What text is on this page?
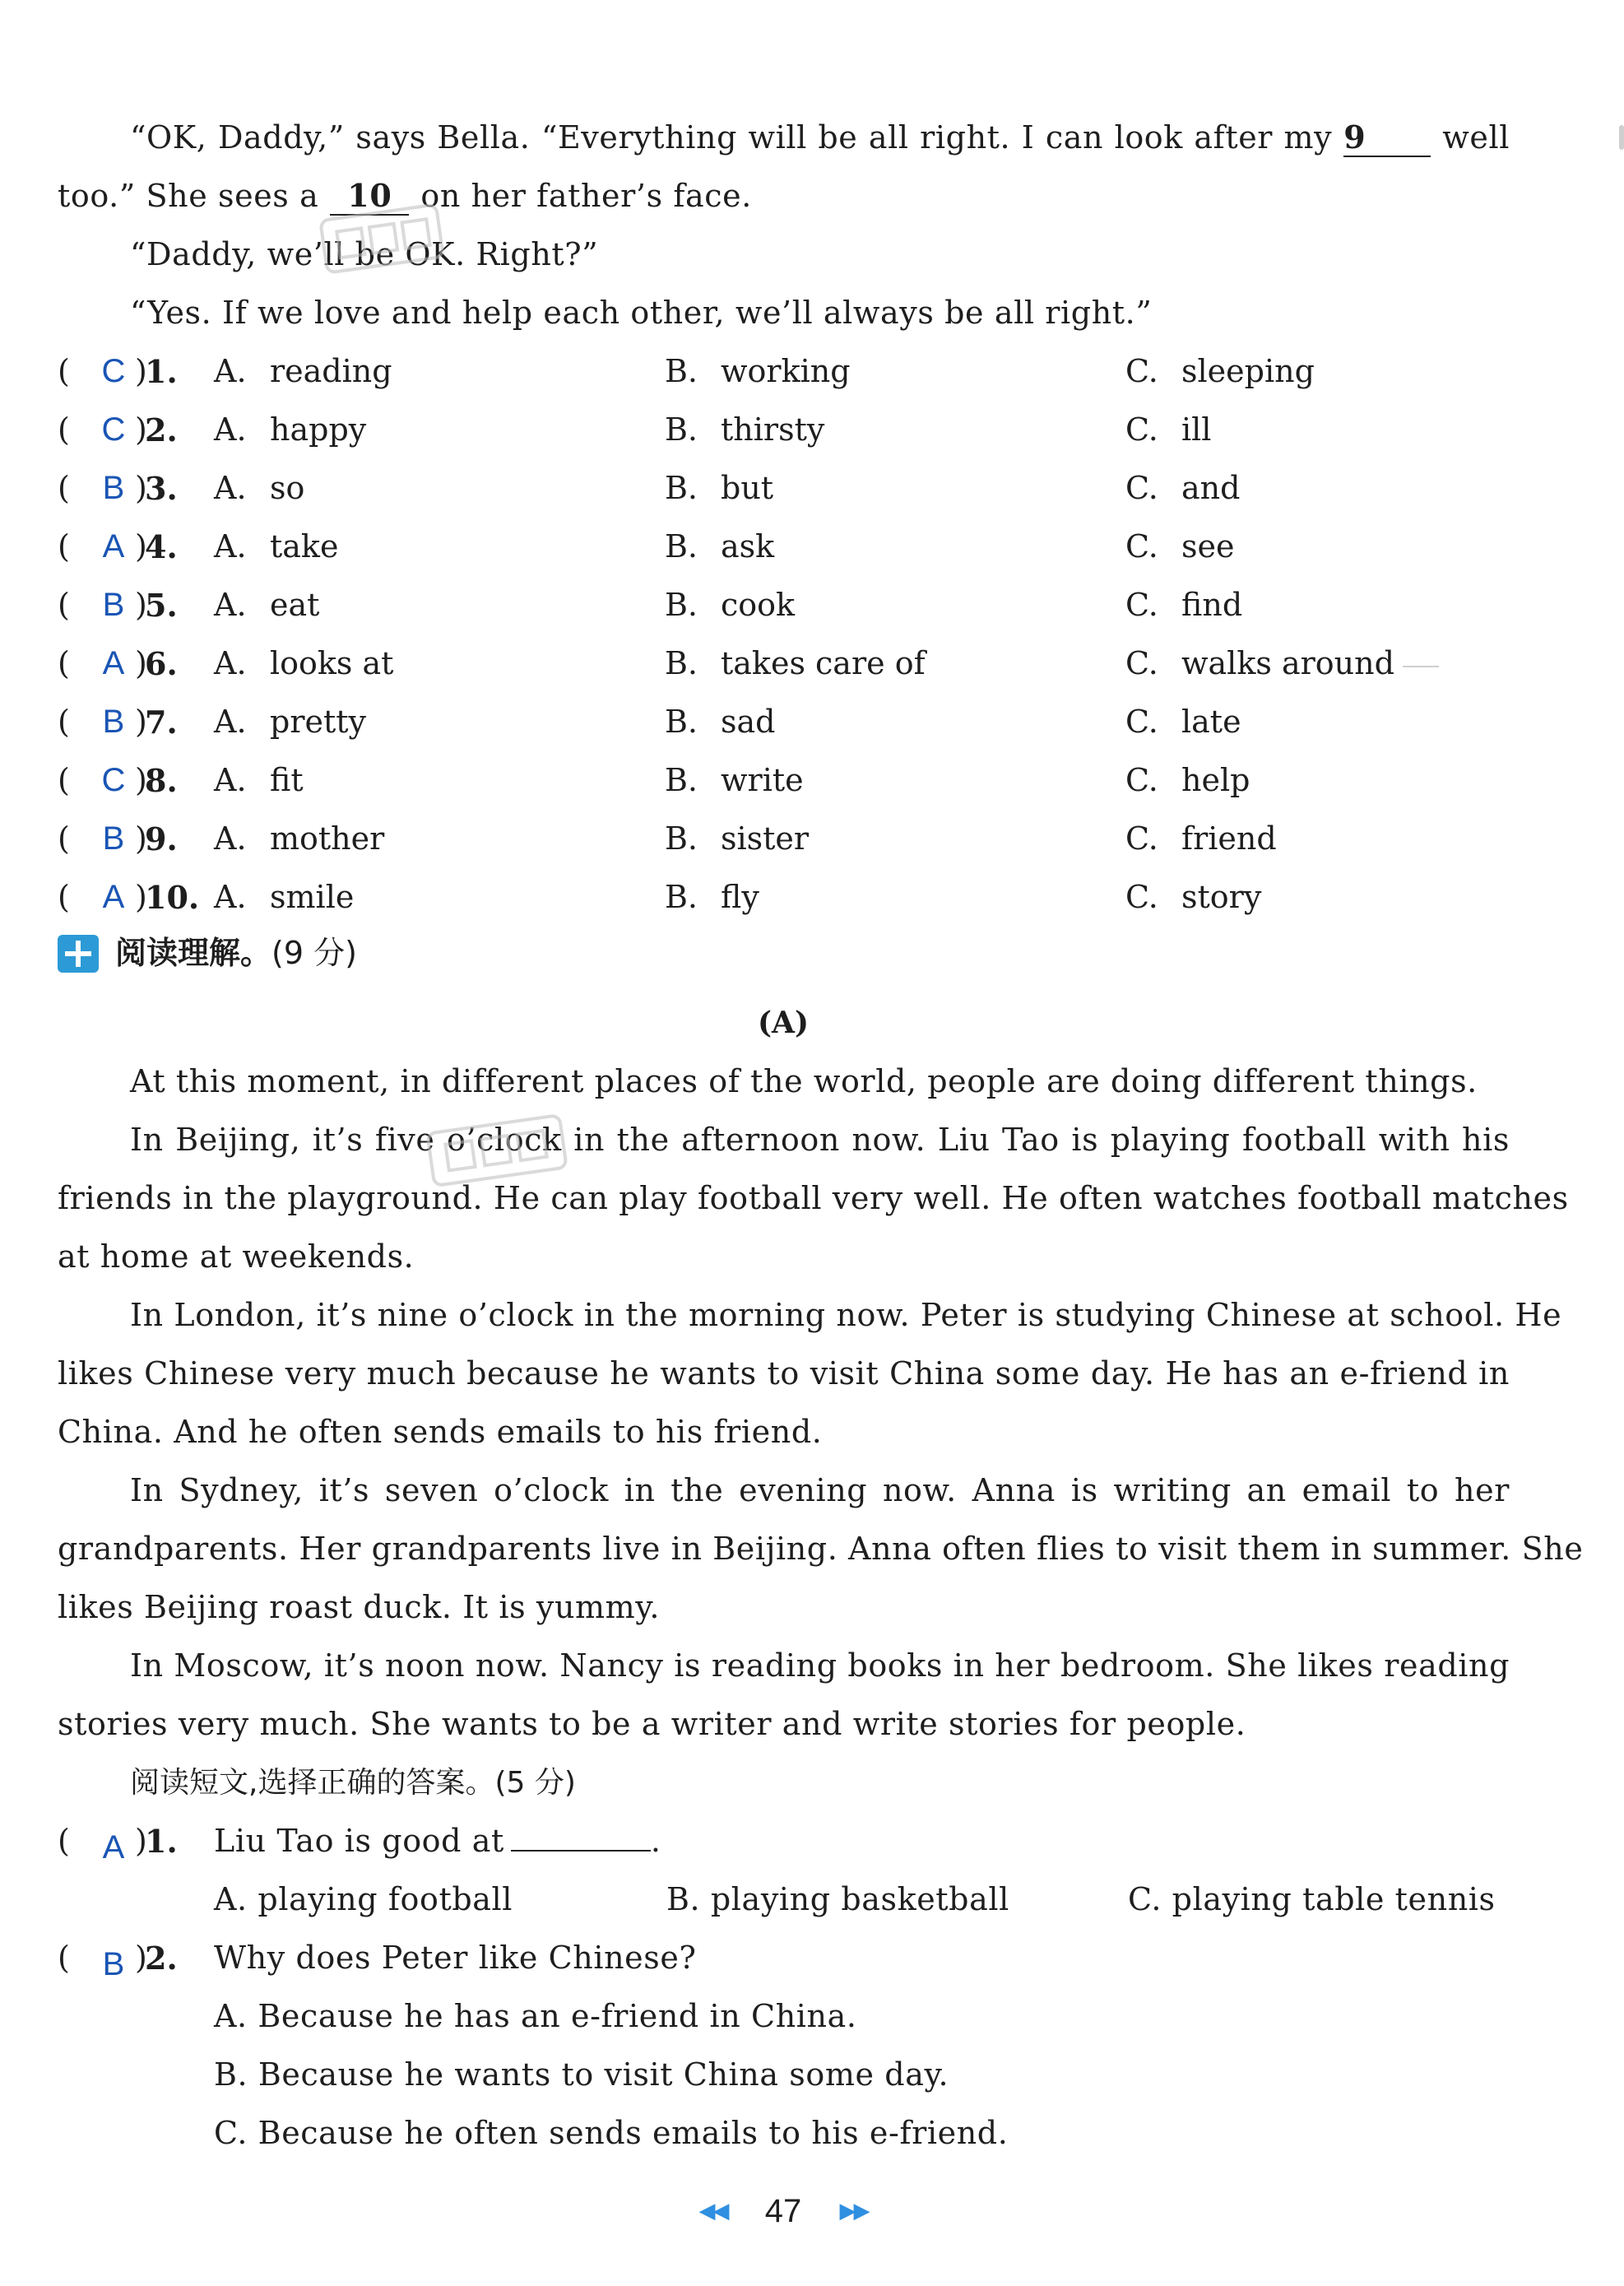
“OK, Daddy,” says Bella. “Everything will be all right. I can look after my 9 well
too.” She sees a 10 on her father’s face.
“Daddy, we’ll be OK. Right?”
“Yes. If we love and help each other, we’ll always be all right.”
( C )
1. A. reading	B. working	C. sleeping
( C )
2. A. happy	B. thirsty	C. ill
( B )
3. A. so	B. but	C. and
( A )
4. A. take	B. ask	C. see
( B )
5. A. eat	B. cook	C. find
( A )
6. A. looks at	B. takes care of	C. walks around
( B )
7. A. pretty	B. sad	C. late
( C )
8. A. fit	B. write	C. help
( B )
9. A. mother	B. sister	C. friend
( A )
10. A. smile	B. fly	C. story
阅读理解。(9 分)
(A)
At this moment, in different places of the world, people are doing different things.
In Beijing, it’s five o’clock in the afternoon now. Liu Tao is playing football with his
friends in the playground. He can play football very well. He often watches football matches
at home at weekends.
In London, it’s nine o’clock in the morning now. Peter is studying Chinese at school. He
likes Chinese very much because he wants to visit China some day. He has an e-friend in
China. And he often sends emails to his friend.
In Sydney, it’s seven o’clock in the evening now. Anna is writing an email to her
grandparents. Her grandparents live in Beijing. Anna often flies to visit them in summer. She
likes Beijing roast duck. It is yummy.
In Moscow, it’s noon now. Nancy is reading books in her bedroom. She likes reading
stories very much. She wants to be a writer and write stories for people.
阅读短文,选择正确的答案。(5 分)
( A )
1. Liu Tao is good at	.
A. playing football	B. playing basketball	C. playing table tennis
( B )
2. Why does Peter like Chinese?
A. Because he has an e-friend in China.
B. Because he wants to visit China some day.
C. Because he often sends emails to his e-friend.
◀◀ 47 ▶▶
